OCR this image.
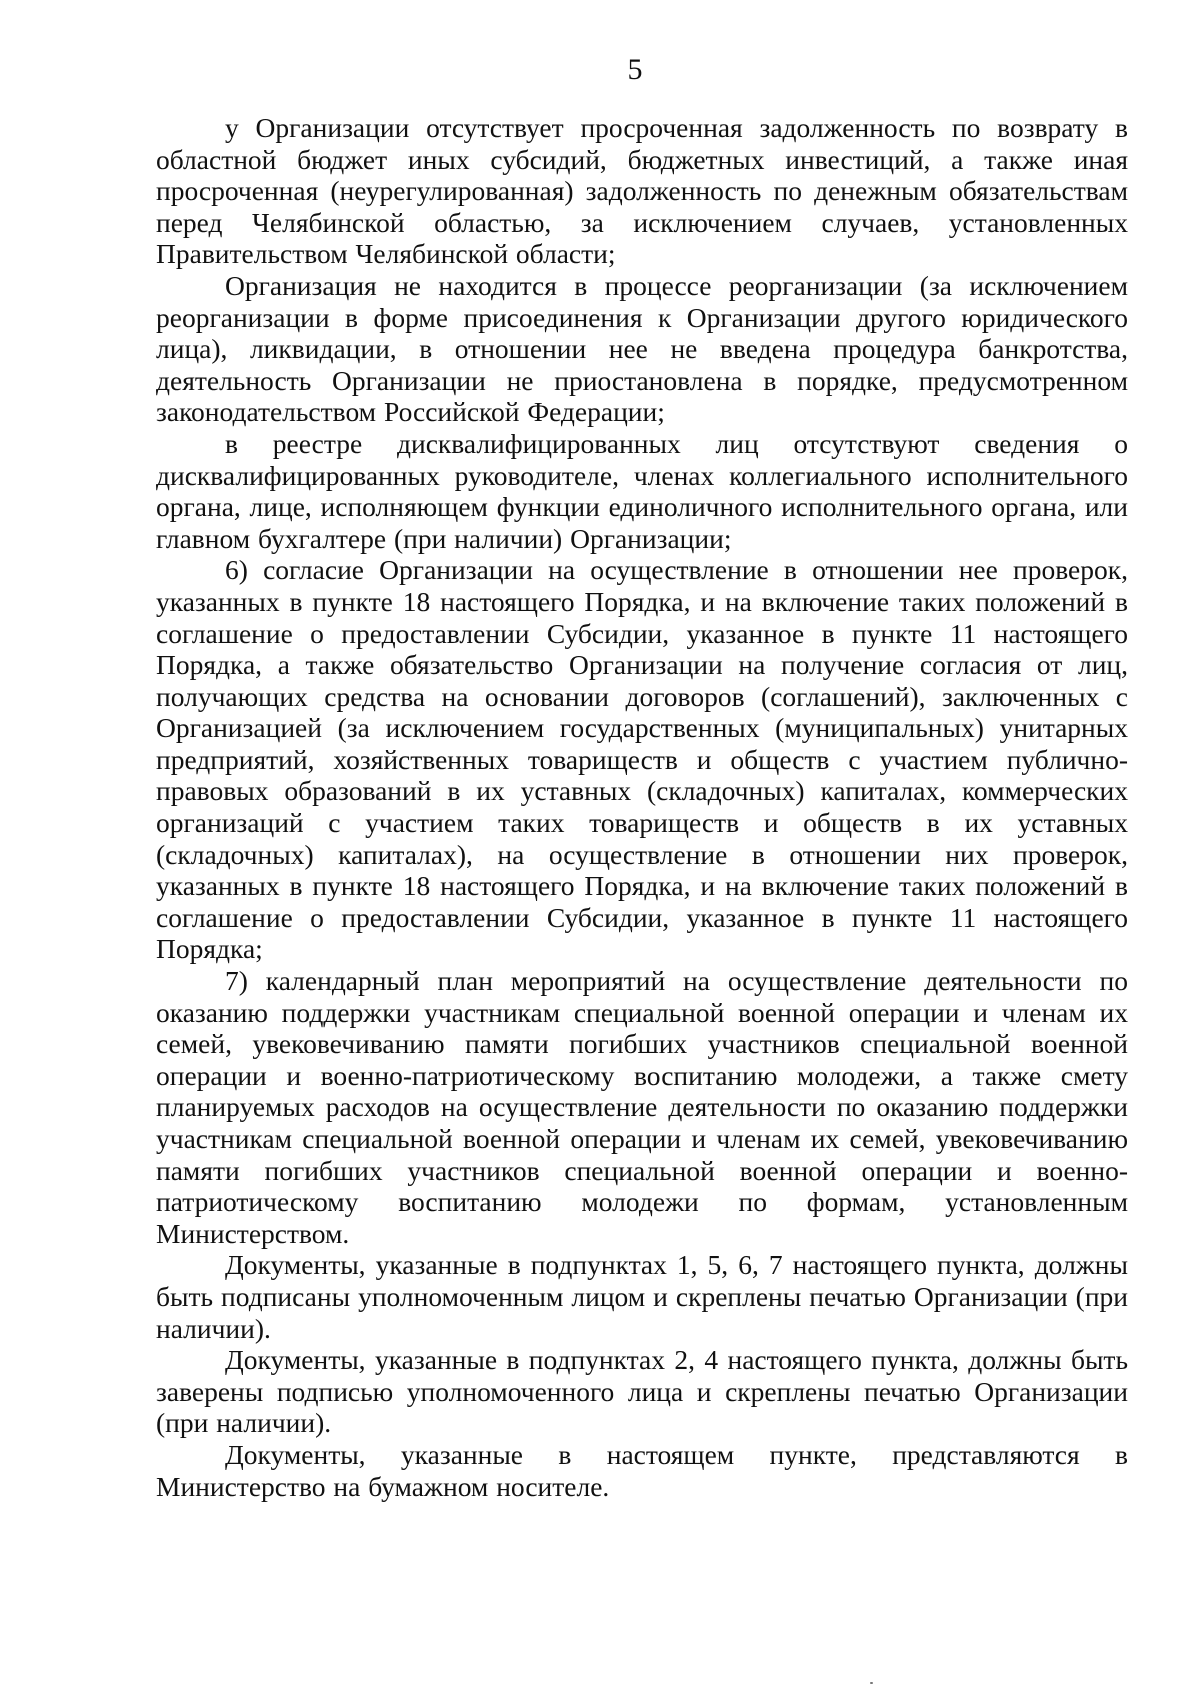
5

у Организации отсутствует просроченная задолженность по возврату в областной бюджет иных субсидий, бюджетных инвестиций, а также иная просроченная (неурегулированная) задолженность по денежным обязательствам перед Челябинской областью, за исключением случаев, установленных Правительством Челябинской области;

Организация не находится в процессе реорганизации (за исключением реорганизации в форме присоединения к Организации другого юридического лица), ликвидации, в отношении нее не введена процедура банкротства, деятельность Организации не приостановлена в порядке, предусмотренном законодательством Российской Федерации;

в реестре дисквалифицированных лиц отсутствуют сведения о дисквалифицированных руководителе, членах коллегиального исполнительного органа, лице, исполняющем функции единоличного исполнительного органа, или главном бухгалтере (при наличии) Организации;

6) согласие Организации на осуществление в отношении нее проверок, указанных в пункте 18 настоящего Порядка, и на включение таких положений в соглашение о предоставлении Субсидии, указанное в пункте 11 настоящего Порядка, а также обязательство Организации на получение согласия от лиц, получающих средства на основании договоров (соглашений), заключенных с Организацией (за исключением государственных (муниципальных) унитарных предприятий, хозяйственных товариществ и обществ с участием публично-правовых образований в их уставных (складочных) капиталах, коммерческих организаций с участием таких товариществ и обществ в их уставных (складочных) капиталах), на осуществление в отношении них проверок, указанных в пункте 18 настоящего Порядка, и на включение таких положений в соглашение о предоставлении Субсидии, указанное в пункте 11 настоящего Порядка;

7) календарный план мероприятий на осуществление деятельности по оказанию поддержки участникам специальной военной операции и членам их семей, увековечиванию памяти погибших участников специальной военной операции и военно-патриотическому воспитанию молодежи, а также смету планируемых расходов на осуществление деятельности по оказанию поддержки участникам специальной военной операции и членам их семей, увековечиванию памяти погибших участников специальной военной операции и военно-патриотическому воспитанию молодежи по формам, установленным Министерством.

Документы, указанные в подпунктах 1, 5, 6, 7 настоящего пункта, должны быть подписаны уполномоченным лицом и скреплены печатью Организации (при наличии).

Документы, указанные в подпунктах 2, 4 настоящего пункта, должны быть заверены подписью уполномоченного лица и скреплены печатью Организации (при наличии).

Документы, указанные в настоящем пункте, представляются в Министерство на бумажном носителе.
